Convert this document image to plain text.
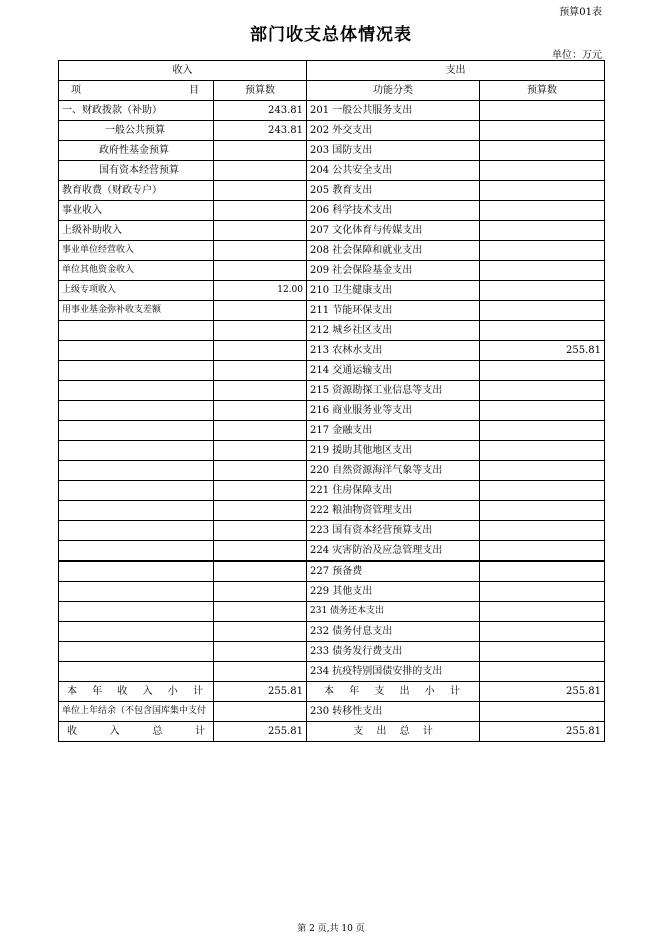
预算01表
部门收支总体情况表
单位：万元
收入		支出	

项 目	预算数	功能分类	预算数
一、财政拨款（补助）	243.81	201 一般公共服务支出	
一般公共预算	243.81	202 外交支出	
政府性基金预算		203 国防支出	
国有资本经营预算		204 公共安全支出	
教育收费（财政专户）		205 教育支出	
事业收入		206 科学技术支出	
上级补助收入		207 文化体育与传媒支出	
事业单位经营收入		208 社会保障和就业支出	
单位其他资金收入		209 社会保险基金支出	
上级专项收入	12.00	210 卫生健康支出	
用事业基金弥补收支差额		211 节能环保支出	
		212 城乡社区支出	
		213 农林水支出	255.81
		214 交通运输支出	
		215 资源勘探工业信息等支出	
		216 商业服务业等支出	
		217 金融支出	
		219 援助其他地区支出	
		220 自然资源海洋气象等支出	
		221 住房保障支出	
		222 粮油物资管理支出	
		223 国有资本经营预算支出	
		224 灾害防治及应急管理支出	
		227 预备费	
		229 其他支出	
		231 债务还本支出	
		232 债务付息支出	
		233 债务发行费支出	
		234 抗疫特别国债安排的支出	
本 年 收 入 小 计	255.81	本 年 支 出 小 计	255.81
单位上年结余（不包含国库集中支付		230 转移性支出	

收 入 总 计	255.81	支 出 总 计	255.81
第 2 页,共 10 页
